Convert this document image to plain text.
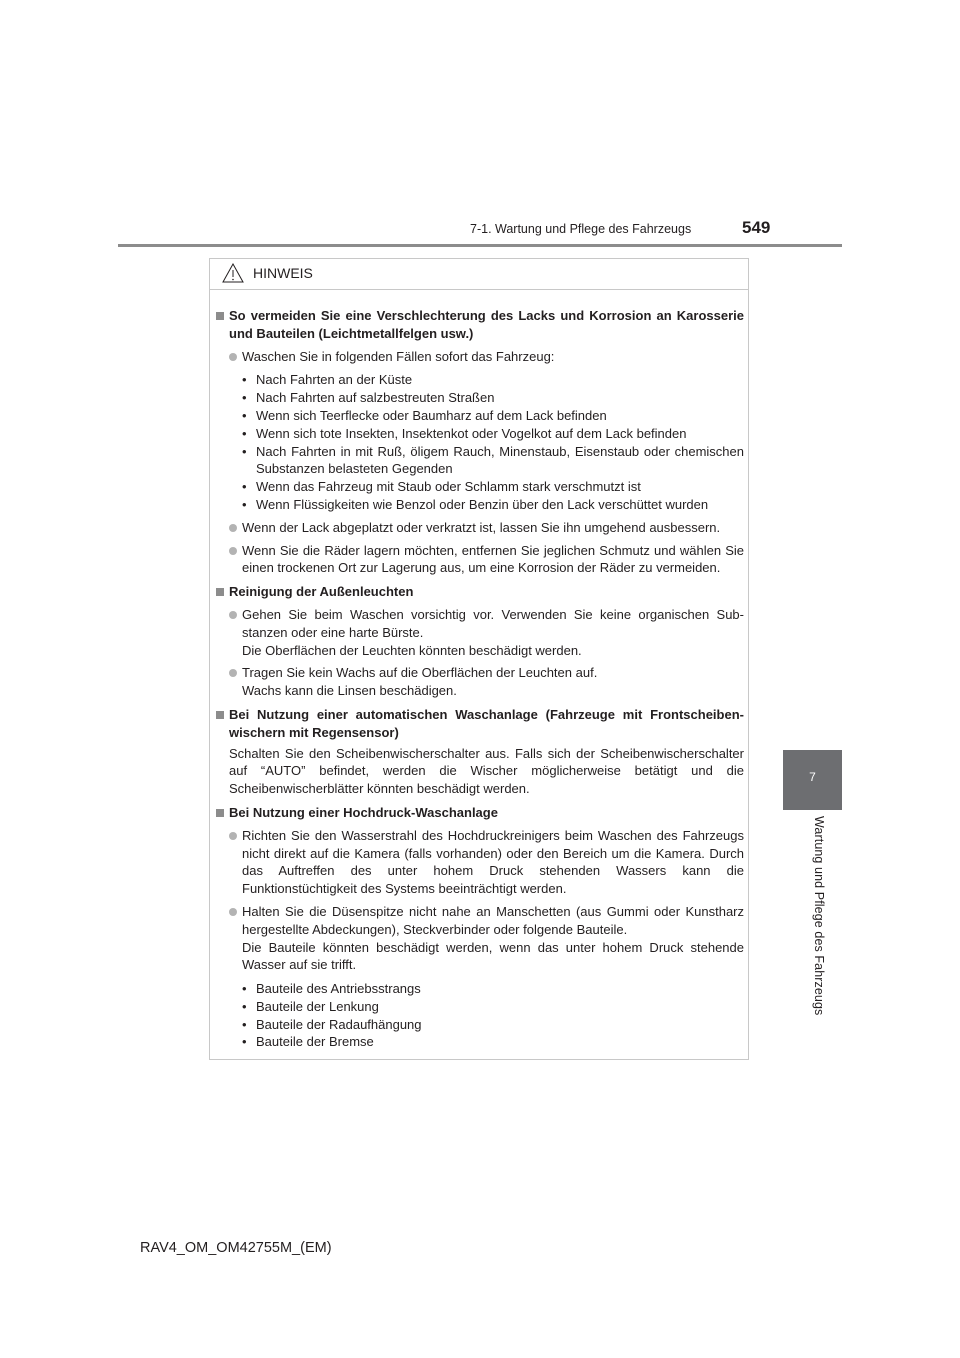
7-1. Wartung und Pflege des Fahrzeugs	549
7
Wartung und Pflege des Fahrzeugs
HINWEIS
So vermeiden Sie eine Verschlechterung des Lacks und Korrosion an Karosserie und Bauteilen (Leichtmetallfelgen usw.)
Waschen Sie in folgenden Fällen sofort das Fahrzeug:
• Nach Fahrten an der Küste
• Nach Fahrten auf salzbestreuten Straßen
• Wenn sich Teerflecke oder Baumharz auf dem Lack befinden
• Wenn sich tote Insekten, Insektenkot oder Vogelkot auf dem Lack befinden
• Nach Fahrten in mit Ruß, öligem Rauch, Minenstaub, Eisenstaub oder chemischen Substanzen belasteten Gegenden
• Wenn das Fahrzeug mit Staub oder Schlamm stark verschmutzt ist
• Wenn Flüssigkeiten wie Benzol oder Benzin über den Lack verschüttet wurden
Wenn der Lack abgeplatzt oder verkratzt ist, lassen Sie ihn umgehend ausbessern.
Wenn Sie die Räder lagern möchten, entfernen Sie jeglichen Schmutz und wählen Sie einen trockenen Ort zur Lagerung aus, um eine Korrosion der Räder zu vermeiden.
Reinigung der Außenleuchten
Gehen Sie beim Waschen vorsichtig vor. Verwenden Sie keine organischen Substanzen oder eine harte Bürste.
Die Oberflächen der Leuchten könnten beschädigt werden.
Tragen Sie kein Wachs auf die Oberflächen der Leuchten auf.
Wachs kann die Linsen beschädigen.
Bei Nutzung einer automatischen Waschanlage (Fahrzeuge mit Frontscheibenwischern mit Regensensor)
Schalten Sie den Scheibenwischerschalter aus. Falls sich der Scheibenwischerschalter auf “AUTO” befindet, werden die Wischer möglicherweise betätigt und die Scheibenwischerblätter könnten beschädigt werden.
Bei Nutzung einer Hochdruck-Waschanlage
Richten Sie den Wasserstrahl des Hochdruckreinigers beim Waschen des Fahrzeugs nicht direkt auf die Kamera (falls vorhanden) oder den Bereich um die Kamera. Durch das Auftreffen des unter hohem Druck stehenden Wassers kann die Funktionstüchtigkeit des Systems beeinträchtigt werden.
Halten Sie die Düsenspitze nicht nahe an Manschetten (aus Gummi oder Kunstharz hergestellte Abdeckungen), Steckverbinder oder folgende Bauteile.
Die Bauteile könnten beschädigt werden, wenn das unter hohem Druck stehende Wasser auf sie trifft.
• Bauteile des Antriebsstrangs
• Bauteile der Lenkung
• Bauteile der Radaufhängung
• Bauteile der Bremse
RAV4_OM_OM42755M_(EM)
